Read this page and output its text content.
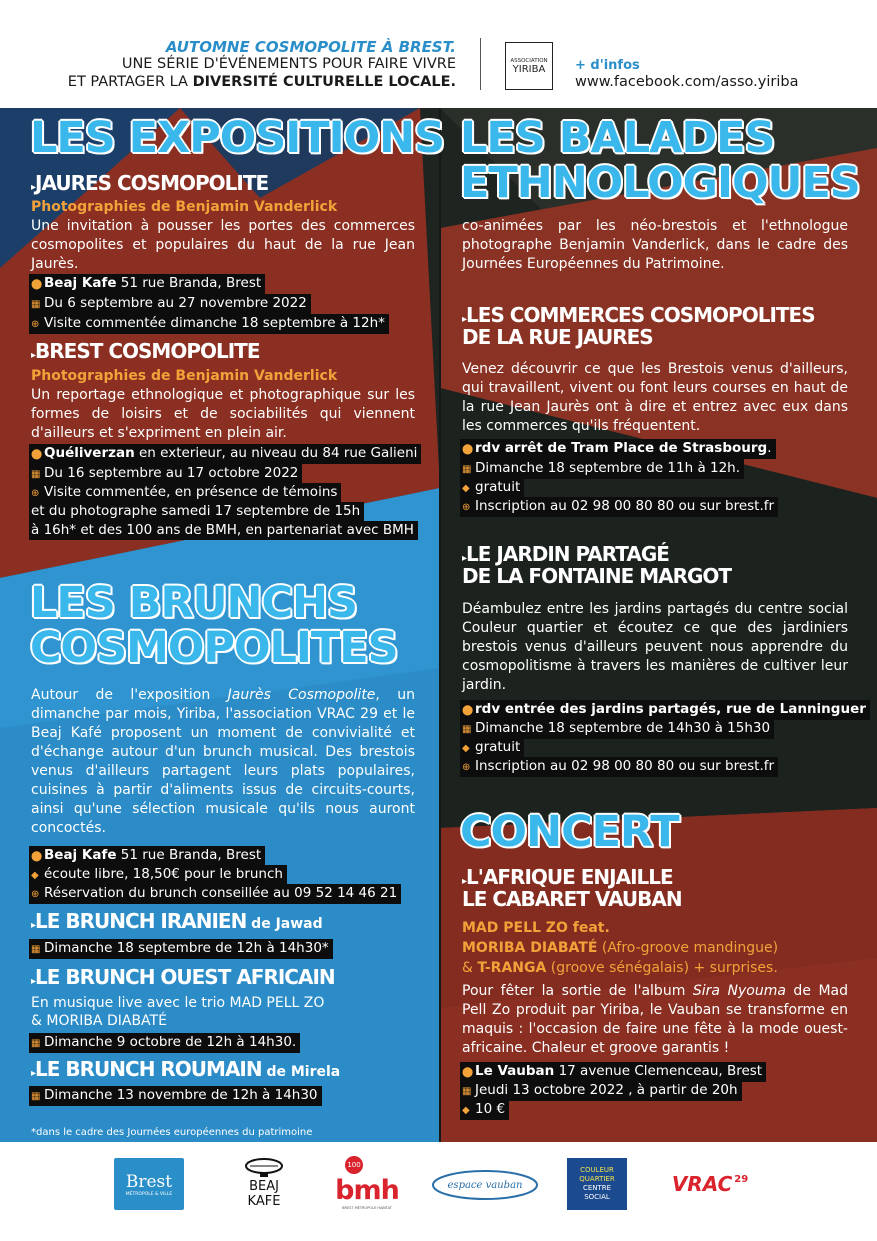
AUTOMNE COSMOPOLITE À BREST.
UNE SÉRIE D'ÉVÉNEMENTS POUR FAIRE VIVRE
ET PARTAGER LA DIVERSITÉ CULTURELLE LOCALE.
ASSOCIATION
YIRIBA + d'infos
www.facebook.com/asso.yiriba
LES EXPOSITIONS
▸JAURES COSMOPOLITE
Photographies de Benjamin Vanderlick
Une invitation à pousser les portes des commerces cosmopolites et populaires du haut de la rue Jean Jaurès.
⬤ Beaj Kafe 51 rue Branda, Brest
▦ Du 6 septembre au 27 novembre 2022
⊕ Visite commentée dimanche 18 septembre à 12h*
▸BREST COSMOPOLITE
Photographies de Benjamin Vanderlick
Un reportage ethnologique et photographique sur les formes de loisirs et de sociabilités qui viennent d'ailleurs et s'expriment en plein air.
⬤ Quéliverzan en exterieur, au niveau du 84 rue Galieni
▦ Du 16 septembre au 17 octobre 2022
⊕ Visite commentée, en présence de témoins
et du photographe samedi 17 septembre de 15h
à 16h* et des 100 ans de BMH, en partenariat avec BMH
LES BRUNCHS
COSMOPOLITES
Autour de l'exposition Jaurès Cosmopolite, un dimanche par mois, Yiriba, l'association VRAC 29 et le Beaj Kafé proposent un moment de convivialité et d'échange autour d'un brunch musical. Des brestois venus d'ailleurs partagent leurs plats populaires, cuisines à partir d'aliments issus de circuits-courts, ainsi qu'une sélection musicale qu'ils nous auront concoctés.
⬤ Beaj Kafe 51 rue Branda, Brest
◆ écoute libre, 18,50€ pour le brunch
⊕ Réservation du brunch conseillée au 09 52 14 46 21
▸LE BRUNCH IRANIEN de Jawad
▦ Dimanche 18 septembre de 12h à 14h30*
▸LE BRUNCH OUEST AFRICAIN
En musique live avec le trio MAD PELL ZO
& MORIBA DIABATÉ
▦ Dimanche 9 octobre de 12h à 14h30.
▸LE BRUNCH ROUMAIN de Mirela
▦ Dimanche 13 novembre de 12h à 14h30
*dans le cadre des Journées européennes du patrimoine
LES BALADES
ETHNOLOGIQUES
co-animées par les néo-brestois et l'ethnologue photographe Benjamin Vanderlick, dans le cadre des Journées Européennes du Patrimoine.
▸LES COMMERCES COSMOPOLITES
DE LA RUE JAURES
Venez découvrir ce que les Brestois venus d'ailleurs, qui travaillent, vivent ou font leurs courses en haut de la rue Jean Jaurès ont à dire et entrez avec eux dans les commerces qu'ils fréquentent.
⬤ rdv arrêt de Tram Place de Strasbourg.
▦ Dimanche 18 septembre de 11h à 12h.
◆ gratuit
⊕ Inscription au 02 98 00 80 80 ou sur brest.fr
▸LE JARDIN PARTAGÉ
DE LA FONTAINE MARGOT
Déambulez entre les jardins partagés du centre social Couleur quartier et écoutez ce que des jardiniers brestois venus d'ailleurs peuvent nous apprendre du cosmopolitisme à travers les manières de cultiver leur jardin.
⬤ rdv entrée des jardins partagés, rue de Lanninguer
▦ Dimanche 18 septembre de 14h30 à 15h30
◆ gratuit
⊕ Inscription au 02 98 00 80 80 ou sur brest.fr
CONCERT
▸L'AFRIQUE ENJAILLE
LE CABARET VAUBAN
MAD PELL ZO feat.
MORIBA DIABATÉ (Afro-groove mandingue)
& T-RANGA (groove sénégalais) + surprises.
Pour fêter la sortie de l'album Sira Nyouma de Mad Pell Zo produit par Yiriba, le Vauban se transforme en maquis : l'occasion de faire une fête à la mode ouest-africaine. Chaleur et groove garantis !
⬤ Le Vauban 17 avenue Clemenceau, Brest
▦ Jeudi 13 octobre 2022 , à partir de 20h
◆ 10 €
Brest
MÉTROPOLE & VILLE	BEAJ
KAFE
100
bmh
BREST MÉTROPOLE HABITAT
espace vauban
COULEUR
QUARTIER
CENTRE
SOCIAL
VRAC 29
